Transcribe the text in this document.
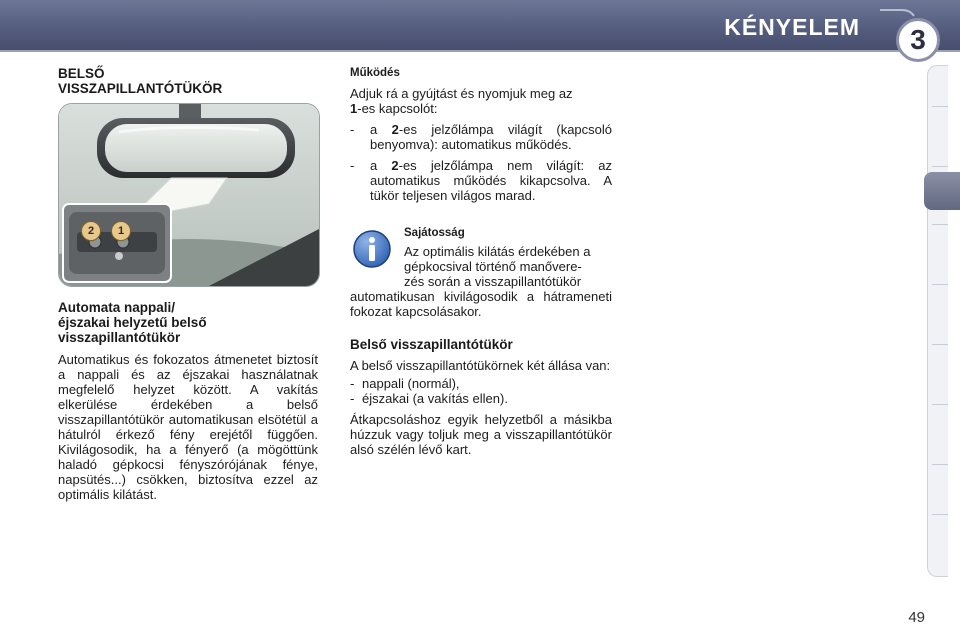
KÉNYELEM	3
BELSŐ
VISSZAPILLANTÓTÜKÖR
2	1
Automata nappali/
éjszakai helyzetű belső
visszapillantótükör

Automatikus és fokozatos átmenetet biztosít a nappali és az éjszakai használatnak megfelelő helyzet között. A vakítás elkerülése érdekében a belső visszapillantótükör automatikusan elsötétül a hátulról érkező fény erejétől függően. Kivilágosodik, ha a fényerő (a mögöttünk haladó gépkocsi fényszórójának fénye, napsütés...) csökken, biztosítva ezzel az optimális kilátást.

Működés

Adjuk rá a gyújtást és nyomjuk meg az
1-es kapcsolót:

- a 2-es jelzőlámpa világít (kapcsoló benyomva): automatikus működés.
- a 2-es jelzőlámpa nem világít: az automatikus működés kikapcsolva. A tükör teljesen világos marad.

Sajátosság

Az optimális kilátás érdekében a
gépkocsival történő manővere-
zés során a visszapillantótükör

automatikusan kivilágosodik a hátrameneti fokozat kapcsolásakor.

Belső visszapillantótükör

A belső visszapillantótükörnek két állása van:

- nappali (normál),
- éjszakai (a vakítás ellen).

Átkapcsoláshoz egyik helyzetből a másikba húzzuk vagy toljuk meg a visszapillantótükör alsó szélén lévő kart.

49
